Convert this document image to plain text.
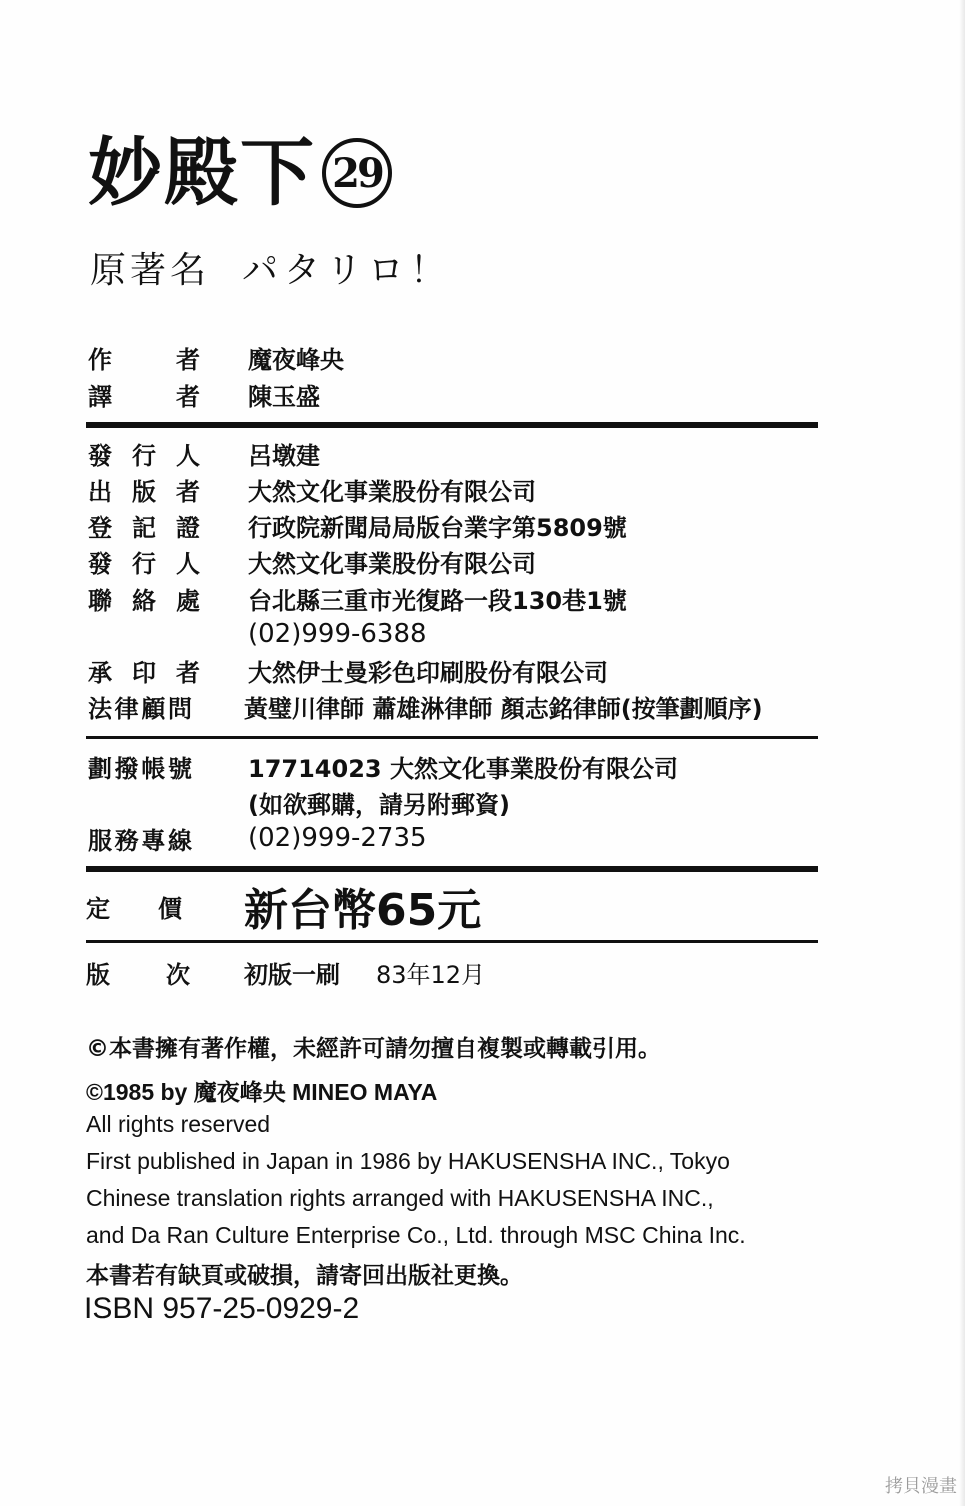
妙殿下 29
原著名 パタリロ！
作	者 魔夜峰央
譯	者 陳玉盛
發 行 人 呂墩建
出 版 者 大然文化事業股份有限公司
登 記 證 行政院新聞局局版台業字第5809號
發 行 人 大然文化事業股份有限公司
聯 絡 處 台北縣三重市光復路一段130巷1號
(02)999-6388
承 印 者 大然伊士曼彩色印刷股份有限公司
法 律 顧 問 黃璧川律師 蕭雄淋律師 顏志銘律師(按筆劃順序)
劃 撥 帳 號 17714023 大然文化事業股份有限公司
(如欲郵購，請另附郵資)
服 務 專 線 (02)999-2735
定 價 新台幣65元
版 次 初版一刷 83年12月
©本書擁有著作權，未經許可請勿擅自複製或轉載引用。
©1985 by 魔夜峰央 MINEO MAYA
All rights reserved
First published in Japan in 1986 by HAKUSENSHA INC., Tokyo
Chinese translation rights arranged with HAKUSENSHA INC.,
and Da Ran Culture Enterprise Co., Ltd. through MSC China Inc.
本書若有缺頁或破損，請寄回出版社更換。
ISBN 957-25-0929-2
拷貝漫畫
